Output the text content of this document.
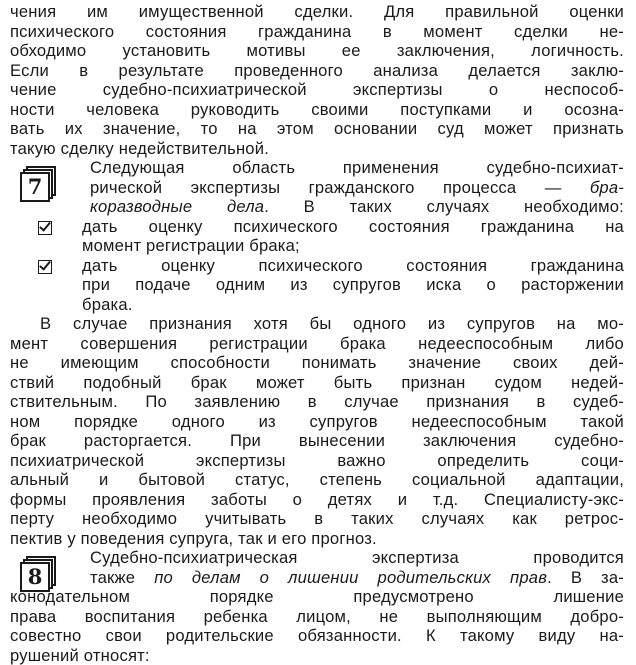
чения им имущественной сделки. Для правильной оценки
психического состояния гражданина в момент сделки не-
обходимо установить мотивы ее заключения, логичность.
Если в результате проведенного анализа делается заклю-
чение судебно-психиатрической экспертизы о неспособ-
ности человека руководить своими поступками и осозна-
вать их значение, то на этом основании суд может признать
такую сделку недействительной.
7
Следующая область применения судебно-психиат-
рической экспертизы гражданского процесса — бра-
коразводные дела. В таких случаях необходимо:
дать оценку психического состояния гражданина на
момент регистрации брака;
дать оценку психического состояния гражданина
при подаче одним из супругов иска о расторжении
брака.
В случае признания хотя бы одного из супругов на мо-
мент совершения регистрации брака недееспособным либо
не имеющим способности понимать значение своих дей-
ствий подобный брак может быть признан судом недей-
ствительным. По заявлению в случае признания в судеб-
ном порядке одного из супругов недееспособным такой
брак расторгается. При вынесении заключения судебно-
психиатрической экспертизы важно определить соци-
альный и бытовой статус, степень социальной адаптации,
формы проявления заботы о детях и т.д. Специалисту-экс-
перту необходимо учитывать в таких случаях как ретрос-
пектив у поведения супруга, так и его прогноз.
8
Судебно-психиатрическая экспертиза проводится
также по делам о лишении родительских прав. В за-
конодательном порядке предусмотрено лишение
права воспитания ребенка лицом, не выполняющим добро-
совестно свои родительские обязанности. К такому виду на-
рушений относят:
